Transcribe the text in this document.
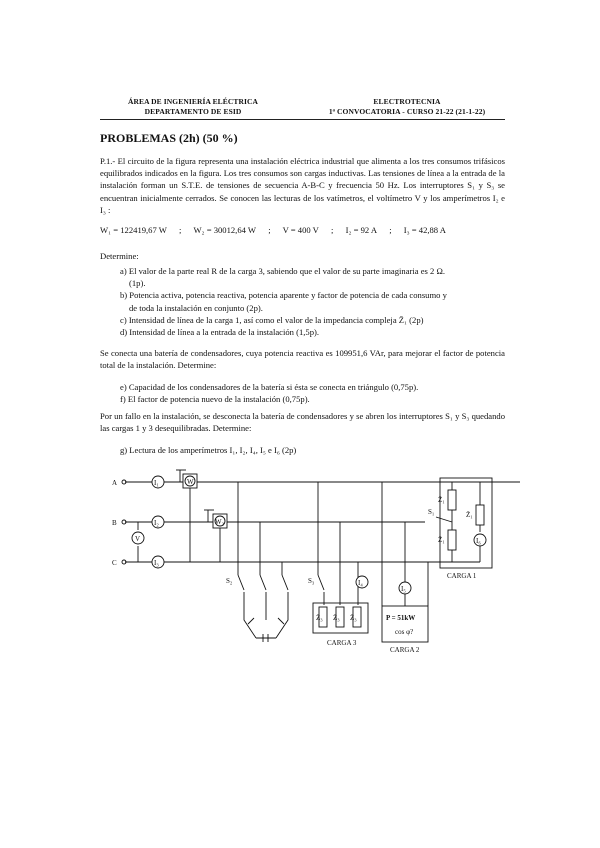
ÁREA DE INGENIERÍA ELÉCTRICA
DEPARTAMENTO DE ESID
ELECTROTECNIA
1ª CONVOCATORIA - CURSO 21-22 (21-1-22)
PROBLEMAS (2h) (50 %)
P.1.- El circuito de la figura representa una instalación eléctrica industrial que alimenta a los tres consumos trifásicos equilibrados indicados en la figura. Los tres consumos son cargas inductivas. Las tensiones de línea a la entrada de la instalación forman un S.T.E. de tensiones de secuencia A-B-C y frecuencia 50 Hz. Los interruptores S₁ y S₃ se encuentran inicialmente cerrados. Se conocen las lecturas de los vatímetros, el voltímetro V y los amperímetros I₂ e I₃ :
W₁ = 122419,67 W ; W₂ = 30012,64 W ; V = 400 V ; I₂ = 92 A ; I₃ = 42,88 A
Determine:
a) El valor de la parte real R de la carga 3, sabiendo que el valor de su parte imaginaria es 2 Ω.
(1p).
b) Potencia activa, potencia reactiva, potencia aparente y factor de potencia de cada consumo y
de toda la instalación en conjunto (2p).
c) Intensidad de línea de la carga 1, así como el valor de la impedancia compleja Z̄₁ (2p)
d) Intensidad de línea a la entrada de la instalación (1,5p).
Se conecta una batería de condensadores, cuya potencia reactiva es 109951,6 VAr, para mejorar el factor de potencia total de la instalación. Determine:
e) Capacidad de los condensadores de la batería si ésta se conecta en triángulo (0,75p).
f) El factor de potencia nuevo de la instalación (0,75p).
Por un fallo en la instalación, se desconecta la batería de condensadores y se abren los interruptores S₁ y S₃ quedando las cargas 1 y 3 desequilibradas. Determine:
g) Lectura de los amperímetros I₁, I₂, I₄, I₅ e I₆ (2p)
A
B
C
I₁
I₂
I₃
V
W
W₂
S₂	S₃
S₁
I₄
I₅
I₆
Z̄₃ Z̄₃ Z̄₃
Z̄₁
Z̄₁
Z̄₁
P = 51kW
cos φ?
CARGA 3
CARGA 2
CARGA 1
